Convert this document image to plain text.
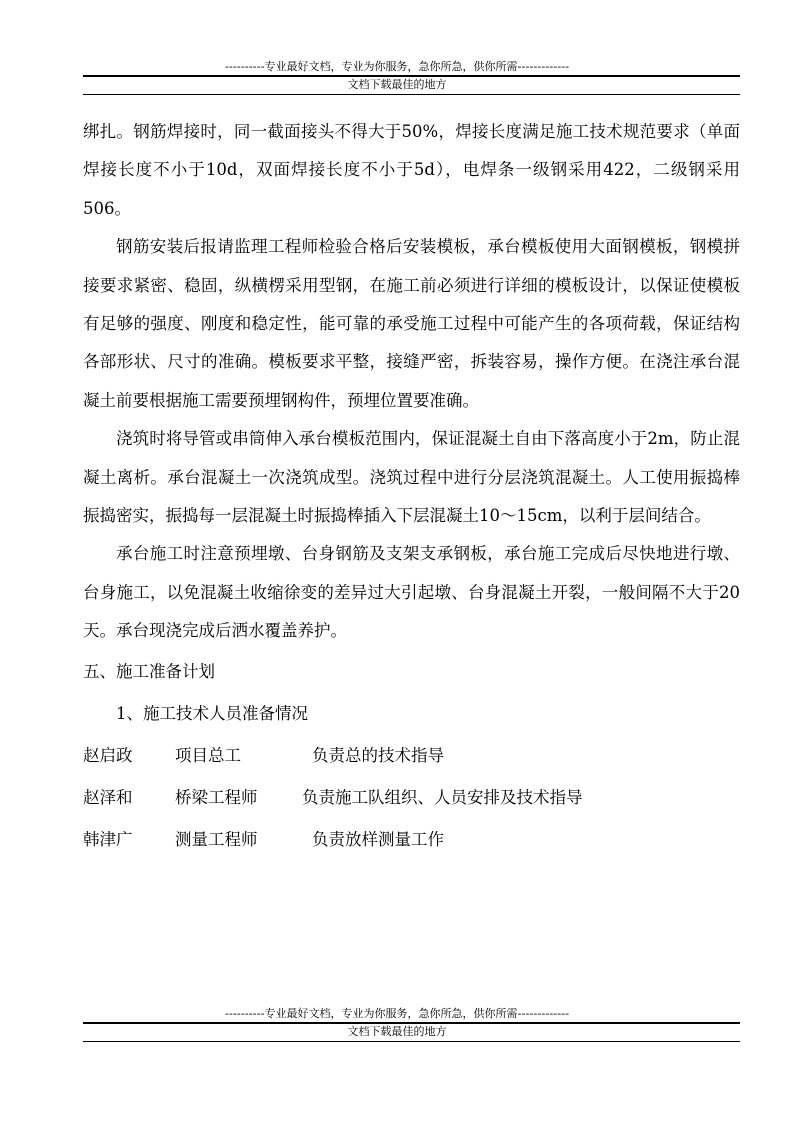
----------专业最好文档，专业为你服务，急你所急，供你所需-------------
文档下载最佳的地方

绑扎。钢筋焊接时，同一截面接头不得大于50%，焊接长度满足施工技术规范要求（单面焊接长度不小于10d，双面焊接长度不小于5d），电焊条一级钢采用422，二级钢采用506。

钢筋安装后报请监理工程师检验合格后安装模板，承台模板使用大面钢模板，钢模拼接要求紧密、稳固，纵横楞采用型钢，在施工前必须进行详细的模板设计，以保证使模板有足够的强度、刚度和稳定性，能可靠的承受施工过程中可能产生的各项荷载，保证结构各部形状、尺寸的准确。模板要求平整，接缝严密，拆装容易，操作方便。在浇注承台混凝土前要根据施工需要预埋钢构件，预埋位置要准确。

浇筑时将导管或串筒伸入承台模板范围内，保证混凝土自由下落高度小于2m，防止混凝土离析。承台混凝土一次浇筑成型。浇筑过程中进行分层浇筑混凝土。人工使用振捣棒振捣密实，振捣每一层混凝土时振捣棒插入下层混凝土10～15cm，以利于层间结合。

承台施工时注意预埋墩、台身钢筋及支架支承钢板，承台施工完成后尽快地进行墩、台身施工，以免混凝土收缩徐变的差异过大引起墩、台身混凝土开裂，一般间隔不大于20天。承台现浇完成后洒水覆盖养护。

五、施工准备计划
1、施工技术人员准备情况
赵启政	项目总工	负责总的技术指导
赵泽和	桥梁工程师	负责施工队组织、人员安排及技术指导
韩津广	测量工程师	负责放样测量工作
----------专业最好文档，专业为你服务，急你所急，供你所需-------------
文档下载最佳的地方
